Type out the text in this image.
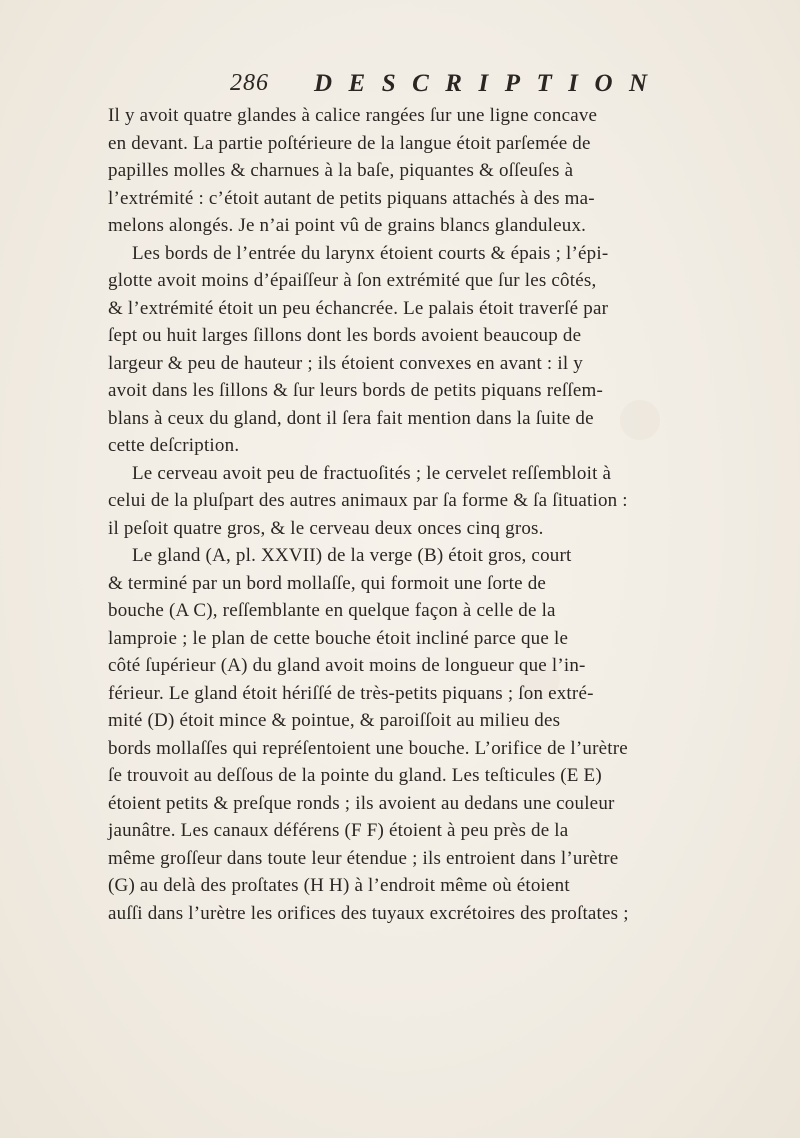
286 DESCRIPTION
Il y avoit quatre glandes à calice rangées ſur une ligne concave
en devant. La partie poſtérieure de la langue étoit parſemée de
papilles molles & charnues à la baſe, piquantes & oſſeuſes à
l’extrémité : c’étoit autant de petits piquans attachés à des ma-
melons alongés. Je n’ai point vû de grains blancs glanduleux.
Les bords de l’entrée du larynx étoient courts & épais ; l’épi-
glotte avoit moins d’épaiſſeur à ſon extrémité que ſur les côtés,
& l’extrémité étoit un peu échancrée. Le palais étoit traverſé par
ſept ou huit larges ſillons dont les bords avoient beaucoup de
largeur & peu de hauteur ; ils étoient convexes en avant : il y
avoit dans les ſillons & ſur leurs bords de petits piquans reſſem-
blans à ceux du gland, dont il ſera fait mention dans la ſuite de
cette deſcription.
Le cerveau avoit peu de fractuoſités ; le cervelet reſſembloit à
celui de la pluſpart des autres animaux par ſa forme & ſa ſituation :
il peſoit quatre gros, & le cerveau deux onces cinq gros.
Le gland (A, pl. XXVII) de la verge (B) étoit gros, court
& terminé par un bord mollaſſe, qui formoit une ſorte de
bouche (A C), reſſemblante en quelque façon à celle de la
lamproie ; le plan de cette bouche étoit incliné parce que le
côté ſupérieur (A) du gland avoit moins de longueur que l’in-
férieur. Le gland étoit hériſſé de très-petits piquans ; ſon extré-
mité (D) étoit mince & pointue, & paroiſſoit au milieu des
bords mollaſſes qui repréſentoient une bouche. L’orifice de l’urètre
ſe trouvoit au deſſous de la pointe du gland. Les teſticules (E E)
étoient petits & preſque ronds ; ils avoient au dedans une couleur
jaunâtre. Les canaux déférens (F F) étoient à peu près de la
même groſſeur dans toute leur étendue ; ils entroient dans l’urètre
(G) au delà des proſtates (H H) à l’endroit même où étoient
auſſi dans l’urètre les orifices des tuyaux excrétoires des proſtates ;
